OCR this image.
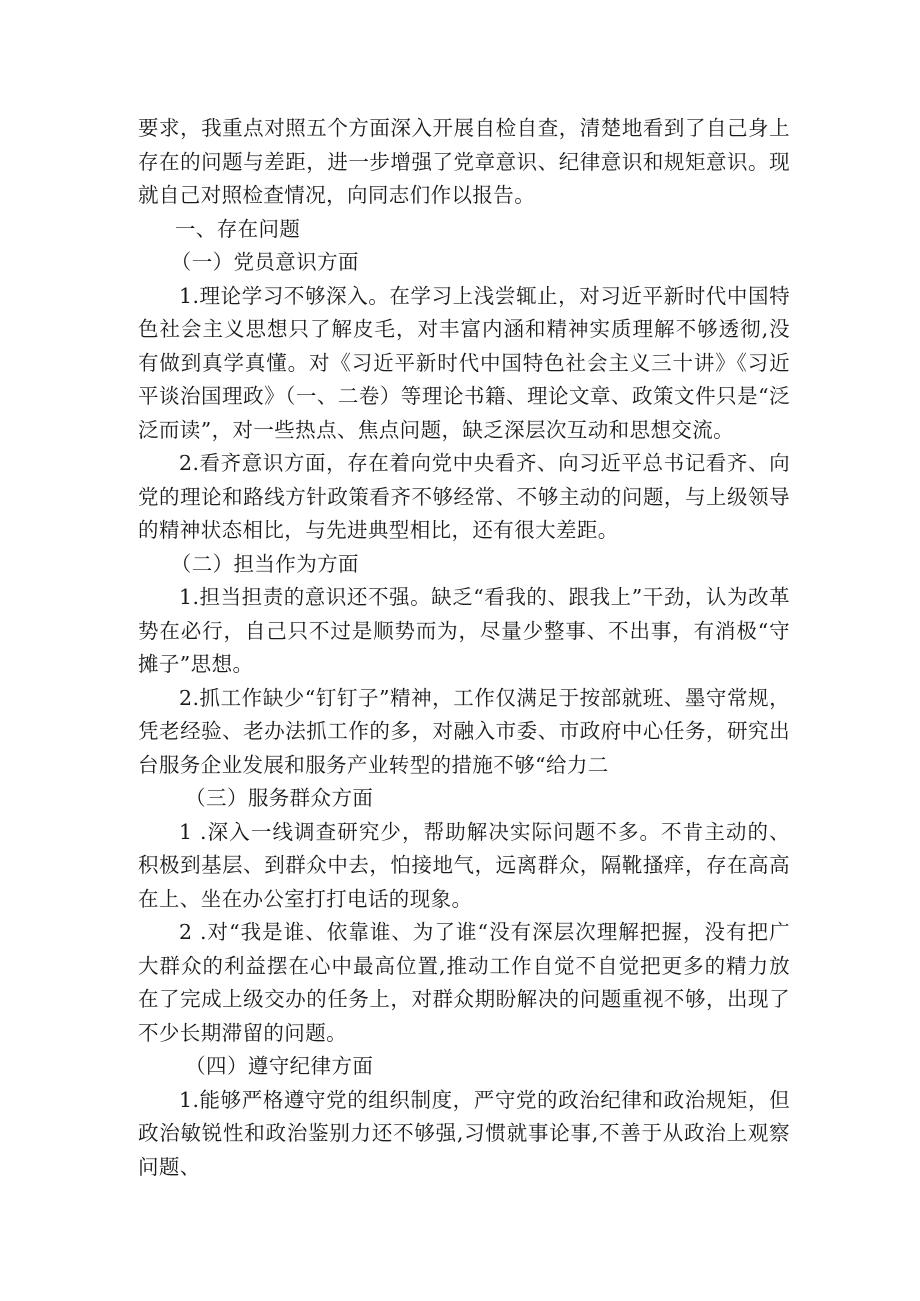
要求，我重点对照五个方面深入开展自检自查，清楚地看到了自己身上存在的问题与差距，进一步增强了党章意识、纪律意识和规矩意识。现就自己对照检查情况，向同志们作以报告。

一、存在问题

（一）党员意识方面

1.理论学习不够深入。在学习上浅尝辄止，对习近平新时代中国特色社会主义思想只了解皮毛，对丰富内涵和精神实质理解不够透彻,没有做到真学真懂。对《习近平新时代中国特色社会主义三十讲》《习近平谈治国理政》（一、二卷）等理论书籍、理论文章、政策文件只是“泛泛而读”，对一些热点、焦点问题，缺乏深层次互动和思想交流。

2.看齐意识方面，存在着向党中央看齐、向习近平总书记看齐、向党的理论和路线方针政策看齐不够经常、不够主动的问题，与上级领导的精神状态相比，与先进典型相比，还有很大差距。

（二）担当作为方面

1.担当担责的意识还不强。缺乏“看我的、跟我上”干劲，认为改革势在必行，自己只不过是顺势而为，尽量少整事、不出事，有消极“守摊子”思想。

2.抓工作缺少“钉钉子”精神，工作仅满足于按部就班、墨守常规，凭老经验、老办法抓工作的多，对融入市委、市政府中心任务，研究出台服务企业发展和服务产业转型的措施不够“给力二

（三）服务群众方面

1 .深入一线调查研究少，帮助解决实际问题不多。不肯主动的、积极到基层、到群众中去，怕接地气，远离群众，隔靴搔痒，存在高高在上、坐在办公室打打电话的现象。

2 .对“我是谁、依靠谁、为了谁“没有深层次理解把握，没有把广大群众的利益摆在心中最高位置,推动工作自觉不自觉把更多的精力放在了完成上级交办的任务上，对群众期盼解决的问题重视不够，出现了不少长期滞留的问题。

（四）遵守纪律方面

1.能够严格遵守党的组织制度，严守党的政治纪律和政治规矩，但政治敏锐性和政治鉴别力还不够强,习惯就事论事,不善于从政治上观察问题、
